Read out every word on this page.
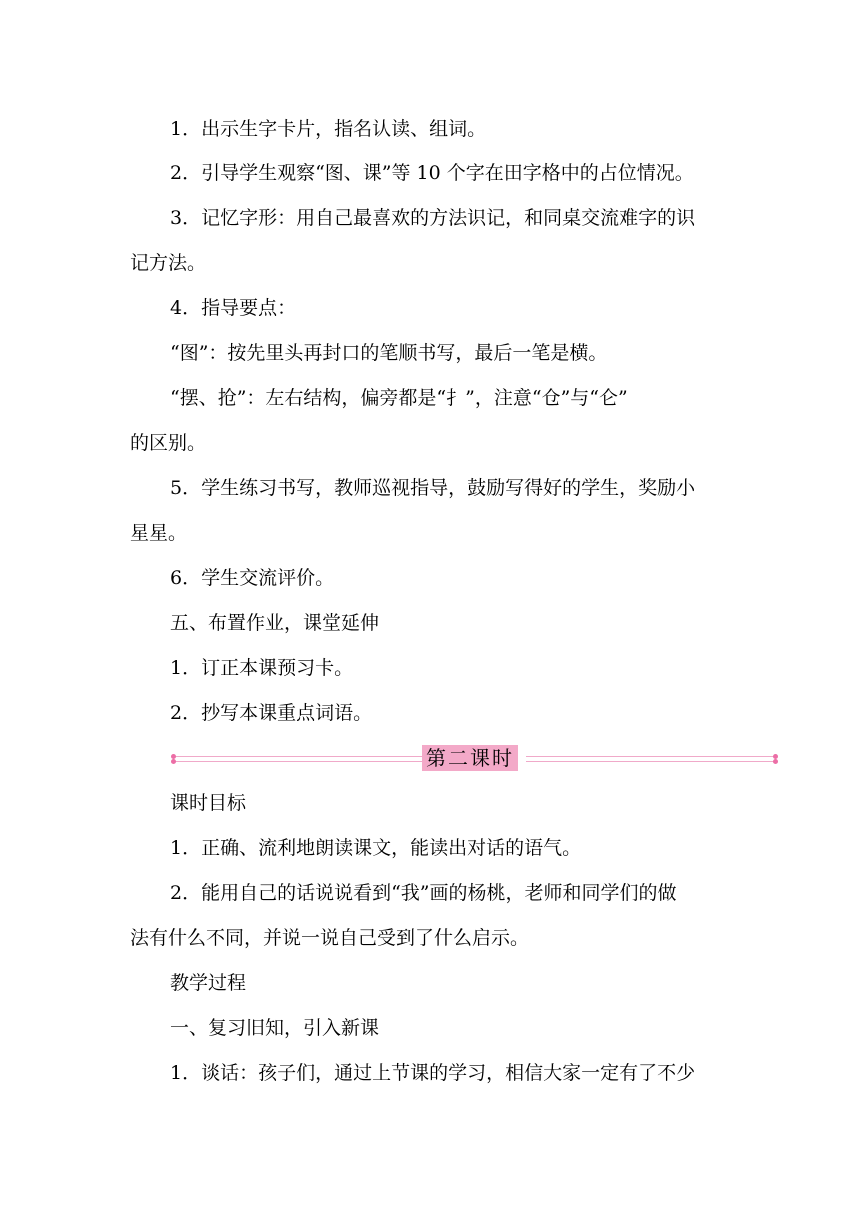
1．出示生字卡片，指名认读、组词。
2．引导学生观察“图、课”等 10 个字在田字格中的占位情况。
3．记忆字形：用自己最喜欢的方法识记，和同桌交流难字的识
记方法。
4．指导要点：
“图”：按先里头再封口的笔顺书写，最后一笔是横。
“摆、抢”：左右结构，偏旁都是“扌”，注意“仓”与“仑”
的区别。
5．学生练习书写，教师巡视指导，鼓励写得好的学生，奖励小
星星。
6．学生交流评价。
五、布置作业，课堂延伸
1．订正本课预习卡。
2．抄写本课重点词语。
第二课时
课时目标
1．正确、流利地朗读课文，能读出对话的语气。
2．能用自己的话说说看到“我”画的杨桃，老师和同学们的做
法有什么不同，并说一说自己受到了什么启示。
教学过程
一、复习旧知，引入新课
1．谈话：孩子们，通过上节课的学习，相信大家一定有了不少
